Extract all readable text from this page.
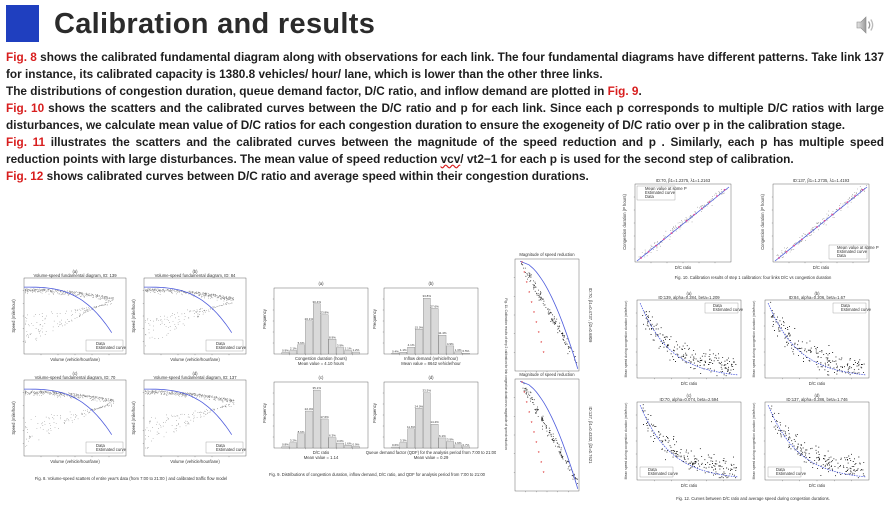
Calibration and results

Fig. 8 shows the calibrated fundamental diagram along with observations for each link. The four fundamental diagrams have different patterns. Take link 137 for instance, its calibrated capacity is 1380.8 vehicles/ hour/ lane, which is lower than the other three links.

The distributions of congestion duration, queue demand factor, D/C ratio, and inflow demand are plotted in Fig. 9.

Fig. 10 shows the scatters and the calibrated curves between the D/C ratio and p for each link. Since each p corresponds to multiple D/C ratios with large disturbances, we calculate mean value of D/C ratios for each congestion duration to ensure the exogeneity of D/C ratio over p in the calibration stage.

Fig. 11 illustrates the scatters and the calibrated curves between the magnitude of the speed reduction and p . Similarly, each p has multiple speed reduction points with large disturbances. The mean value of speed reduction vcv/ vt2−1 for each p is used for the second step of calibration.

Fig. 12 shows calibrated curves between D/C ratio and average speed within their congestion durations.

(a)
Volume-speed fundamental diagram, ID: 139
Data
Estimated curve
Volume (vehicle/hour/lane)
Speed (mile/hour)
(b)
Volume-speed fundamental diagram, ID: 84
Data
Estimated curve
Volume (vehicle/hour/lane)
Speed (mile/hour)
(c)
Volume-speed fundamental diagram, ID: 70
Data
Estimated curve
Volume (vehicle/hour/lane)
Speed (mile/hour)
(d)
Volume-speed fundamental diagram, ID: 137
Data
Estimated curve
Volume (vehicle/hour/lane)
Speed (mile/hour)
Fig. 8. Volume-speed scatters of entire year's data (from 7:00 to 21:00 ) and calibrated traffic flow model
(a)
0.9% 2.1%
5.6%
20.1%
30.4%
23.8%
8.9%
3.9%
2.1% 1.2%
Congestion duration (hours)
Mean value = 4.10 hours
Frequency
(b)
0.4% 1.1%
4.1%
15.0%
33.8%
27.6%
11.4%
4.9%
1.3% 0.5%
Inflow demand (vehicle/hour)
Mean value = 8642 vehicle/hour
Frequency
(c)
0.8%
3.2%
8.6%
22.4%
35.1%
17.6%
6.3%
3.0%
1.6% 0.9%
D/C ratio
Mean value = 1.14
Frequency
(d)
0.6%
3.3%
11.6%
24.0%
33.5%
14.4%
6.1%
3.9%
1.9% 0.7%
Queue demand factor (QDF) for the analysis period from 7:00 to 21:00
Mean value = 0.29
Frequency
Fig. 9. Distributions of congestion duration, inflow demand, D/C ratio, and QDF for analysis period from 7:00 to 21:00
Magnitude of speed reduction
*
*
*
*
*
*
*
*
*
*
ID:70, β1=0.4737, β2=0.6809
Magnitude of speed reduction
*
*
*
*
*
*
*
*
*
*
ID:137, β1=0.4332, β2=0.7621
Fig. 11. Calibration results of step 2 calibration for link congestion duration vs magnitude of speed reduction
ID:70, β1=1.2375, λ1=1.2163
Mean value at some P
Estimated curve
Data
D/C ratio
Congestion duration (P hours)
ID:137, β1=1.2735, λ1=1.4193
Mean value at some P
Estimated curve
Data
D/C ratio
Congestion duration (P hours)
Fig. 10. Calibration results of step 1 calibration: four links D/C vs congestion duration
(a)
ID:139, alpha=0.284, beta=1.209
Data
Estimated curve
D/C ratio
Mean speed during congestion duration (mile/hour)
(b)
ID:84, alpha=0.206, beta=1.67
Data
Estimated curve
D/C ratio
Mean speed during congestion duration (mile/hour)
(c)
ID:70, alpha=0.074, beta=2.594
Data
Estimated curve
D/C ratio
Mean speed during congestion duration (mile/hour)
(d)
ID:137, alpha=0.286, beta=1.746
Data
Estimated curve
D/C ratio
Mean speed during congestion duration (mile/hour)
Fig. 12. Curves between D/C ratio and average speed during congestion durations.
